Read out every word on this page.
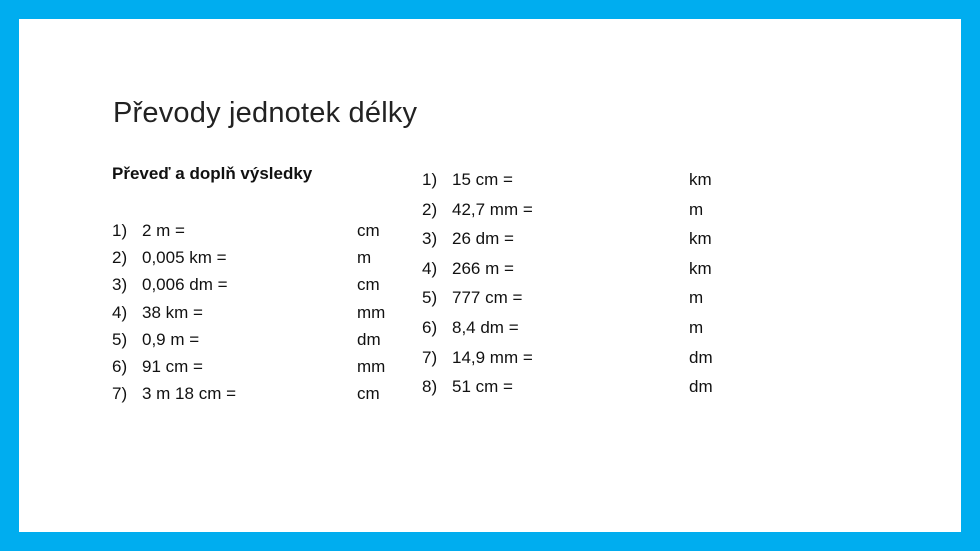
Převody jednotek délky
Převeď a doplň výsledky
1) 2 m =	cm
2) 0,005 km =	m
3) 0,006 dm =	cm
4) 38 km =	mm
5) 0,9 m =	dm
6) 91 cm =	mm
7) 3 m 18 cm =	cm
1) 15 cm =	km
2) 42,7 mm =	m
3) 26 dm =	km
4) 266 m =	km
5) 777 cm =	m
6) 8,4 dm =	m
7) 14,9 mm =	dm
8) 51 cm =	dm
